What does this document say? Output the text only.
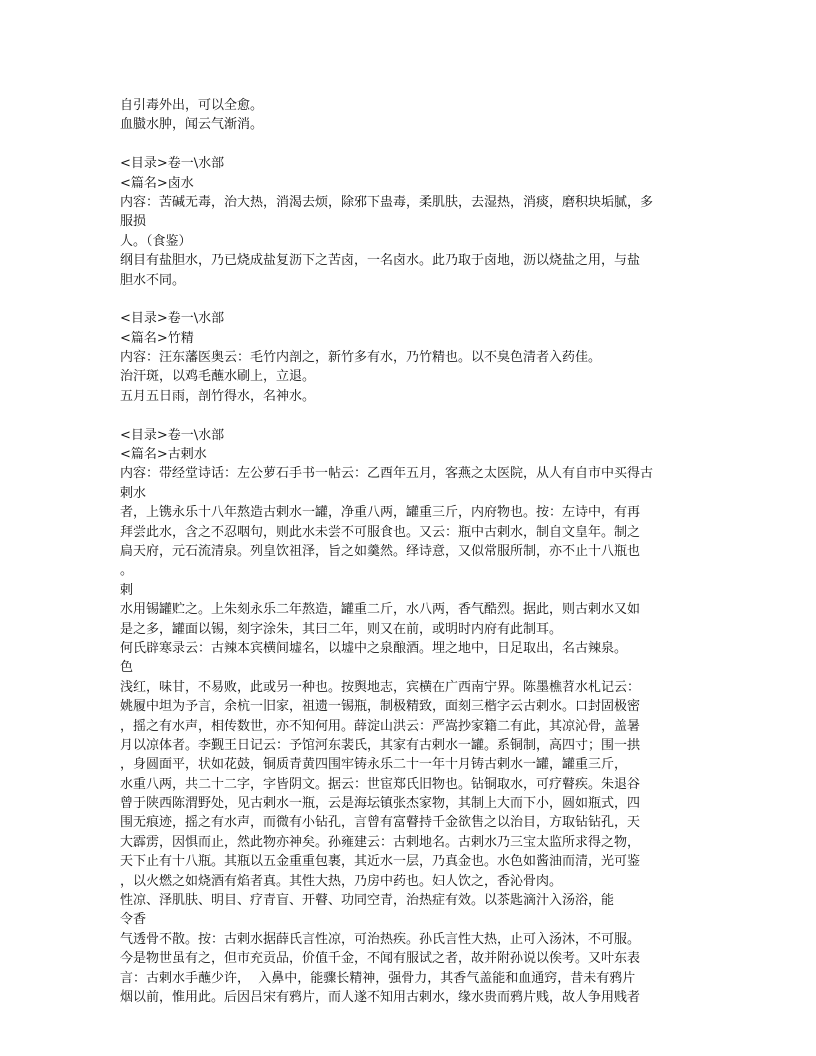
自引毒外出，可以全愈。
血臌水肿，闻云气渐消。
<目录>卷一\水部
<篇名>卤水
内容：苦碱无毒，治大热，消渴去烦，除邪下蛊毒，柔肌肤，去湿热，消痰，磨积块垢腻，多
服损
人。（食鉴）
纲目有盐胆水，乃已烧成盐复沥下之苦卤，一名卤水。此乃取于卤地，沥以烧盐之用，与盐
胆水不同。
<目录>卷一\水部
<篇名>竹精
内容：汪东藩医奥云：毛竹内剖之，新竹多有水，乃竹精也。以不臭色清者入药佳。
治汗斑，以鸡毛蘸水刷上，立退。
五月五日雨，剖竹得水，名神水。
<目录>卷一\水部
<篇名>古剌水
内容：带经堂诗话：左公萝石手书一帖云：乙酉年五月，客燕之太医院，从人有自市中买得古
剌水
者，上镌永乐十八年熬造古剌水一罐，净重八两，罐重三斤，内府物也。按：左诗中，有再
拜尝此水，含之不忍咽句，则此水未尝不可服食也。又云：瓶中古剌水，制自文皇年。制之
扃天府，元石流清泉。列皇饮祖泽，旨之如羹然。绎诗意，又似常服所制，亦不止十八瓶也
。
剌
水用锡罐贮之。上朱刻永乐二年熬造，罐重二斤，水八两，香气酷烈。据此，则古剌水又如
是之多，罐面以锡，刻字涂朱，其曰二年，则又在前，或明时内府有此制耳。
何氏辟寒录云：古辣本宾横间墟名，以墟中之泉酿酒。埋之地中，日足取出，名古辣泉。
色
浅红，味甘，不易败，此或另一种也。按舆地志，宾横在广西南宁界。陈墨樵苕水札记云：
姚履中坦为予言，余杭一旧家，祖遗一锡瓶，制极精致，面刻三楷字云古剌水。口封固极密
，摇之有水声，相传数世，亦不知何用。薛淀山洪云：严嵩抄家籍二有此，其凉沁骨，盖暑
月以凉体者。李觐王日记云：予馆河东裴氏，其家有古剌水一罐。系铜制，高四寸；围一拱
，身圆面平，状如花鼓，铜质青黄四围牢铸永乐二十一年十月铸古剌水一罐，罐重三斤，
水重八两，共二十二字，字皆阴文。据云：世宦郑氏旧物也。钻铜取水，可疗瞽疾。朱退谷
曾于陕西陈渭野处，见古剌水一瓶，云是海坛镇张杰家物，其制上大而下小，圆如瓶式，四
围无痕迹，摇之有水声，而微有小钻孔，言曾有富瞽持千金欲售之以治目，方取钻钻孔，天
大霹雳，因惧而止，然此物亦神矣。孙雍建云：古剌地名。古剌水乃三宝太监所求得之物，
天下止有十八瓶。其瓶以五金重重包裹，其近水一层，乃真金也。水色如酱油而清，光可鉴
，以火燃之如烧酒有焰者真。其性大热，乃房中药也。妇人饮之，香沁骨肉。
性凉、泽肌肤、明目、疗青盲、开瞽、功同空青，治热症有效。以茶匙滴汁入汤浴，能
令香
气透骨不散。按：古剌水据薛氏言性凉，可治热疾。孙氏言性大热，止可入汤沐，不可服。
今是物世虽有之，但市充贡品，价值千金，不闻有服试之者，故并附孙说以俟考。又叶东表
言：古剌水手蘸少许，  入鼻中，能骤长精神，强骨力，其香气盖能和血通窍，昔未有鸦片
烟以前，惟用此。后因吕宋有鸦片，而人遂不知用古剌水，缘水贵而鸦片贱，故人争用贱者
